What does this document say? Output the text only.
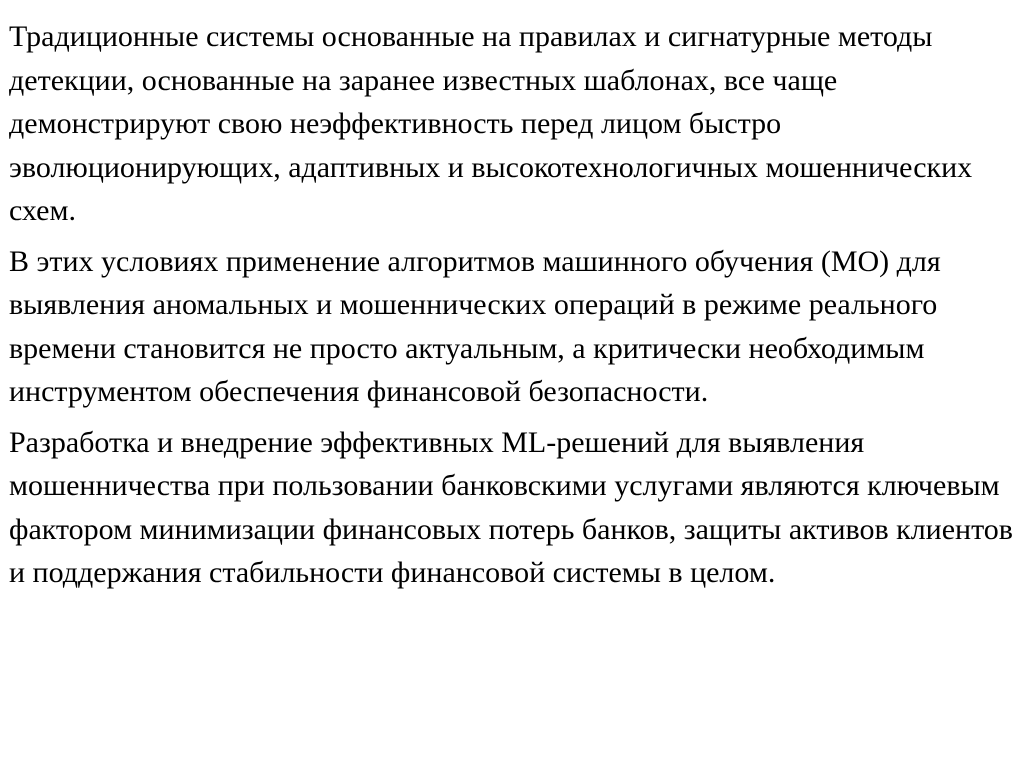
Традиционные системы основанные на правилах и сигнатурные методы детекции, основанные на заранее известных шаблонах, все чаще демонстрируют свою неэффективность перед лицом быстро эволюционирующих, адаптивных и высокотехнологичных мошеннических схем.

В этих условиях применение алгоритмов машинного обучения (МО) для выявления аномальных и мошеннических операций в режиме реального времени становится не просто актуальным, а критически необходимым инструментом обеспечения финансовой безопасности.

Разработка и внедрение эффективных ML-решений для выявления мошенничества при пользовании банковскими услугами являются ключевым фактором минимизации финансовых потерь банков, защиты активов клиентов и поддержания стабильности финансовой системы в целом.
